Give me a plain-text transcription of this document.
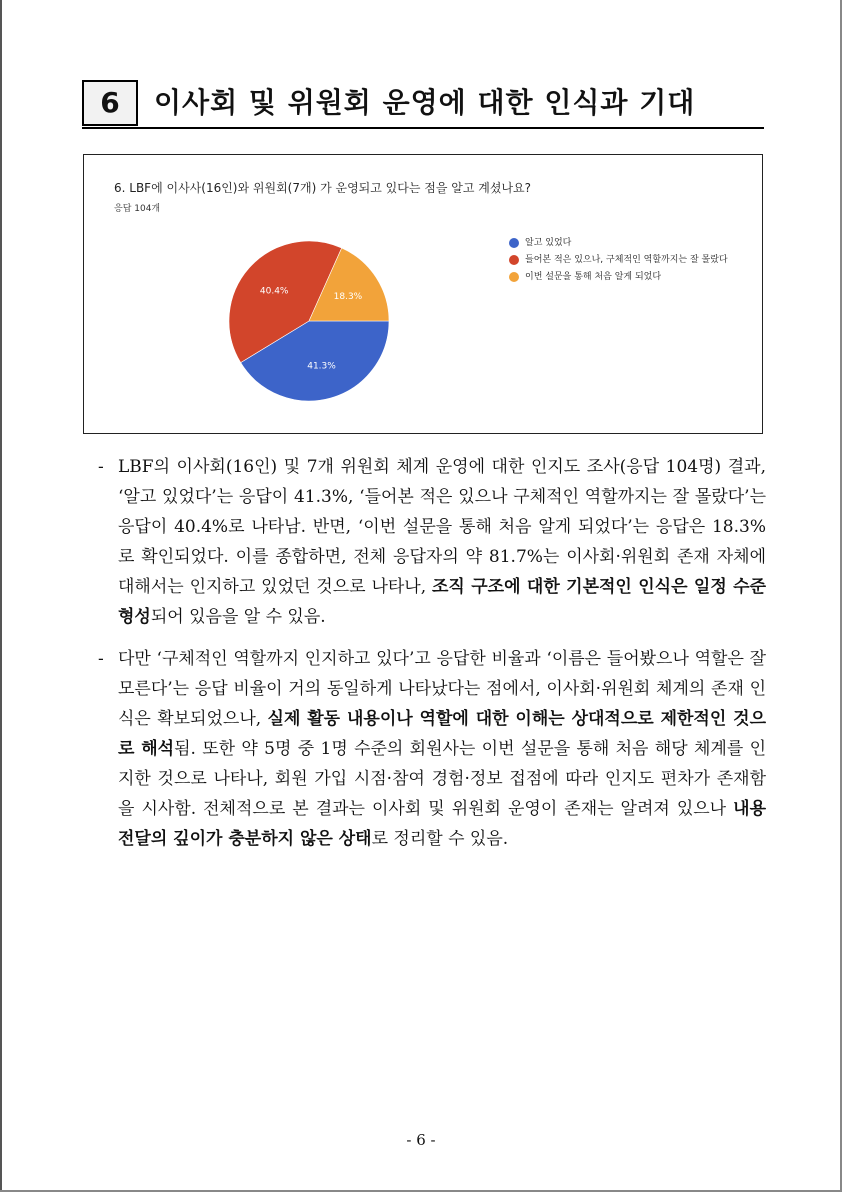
6	이사회 및 위원회 운영에 대한 인식과 기대
6. LBF에 이사사(16인)와 위원회(7개) 가 운영되고 있다는 점을 알고 계셨나요?
응답 104개
41.3%
40.4%
18.3%
알고 있었다
들어본 적은 있으나, 구체적인 역할까지는 잘 몰랐다
이번 설문을 통해 처음 알게 되었다
- LBF의 이사회(16인) 및 7개 위원회 체계 운영에 대한 인지도 조사(응답 104명) 결과, ‘알고 있었다’는 응답이 41.3%, ‘들어본 적은 있으나 구체적인 역할까지는 잘 몰랐다’는 응답이 40.4%로 나타남. 반면, ‘이번 설문을 통해 처음 알게 되었다’는 응답은 18.3%로 확인되었다. 이를 종합하면, 전체 응답자의 약 81.7%는 이사회·위원회 존재 자체에 대해서는 인지하고 있었던 것으로 나타나, 조직 구조에 대한 기본적인 인식은 일정 수준 형성되어 있음을 알 수 있음.
- 다만 ‘구체적인 역할까지 인지하고 있다’고 응답한 비율과 ‘이름은 들어봤으나 역할은 잘 모른다’는 응답 비율이 거의 동일하게 나타났다는 점에서, 이사회·위원회 체계의 존재 인식은 확보되었으나, 실제 활동 내용이나 역할에 대한 이해는 상대적으로 제한적인 것으로 해석됨. 또한 약 5명 중 1명 수준의 회원사는 이번 설문을 통해 처음 해당 체계를 인지한 것으로 나타나, 회원 가입 시점·참여 경험·정보 접점에 따라 인지도 편차가 존재함을 시사함. 전체적으로 본 결과는 이사회 및 위원회 운영이 존재는 알려져 있으나 내용 전달의 깊이가 충분하지 않은 상태로 정리할 수 있음.
- 6 -
